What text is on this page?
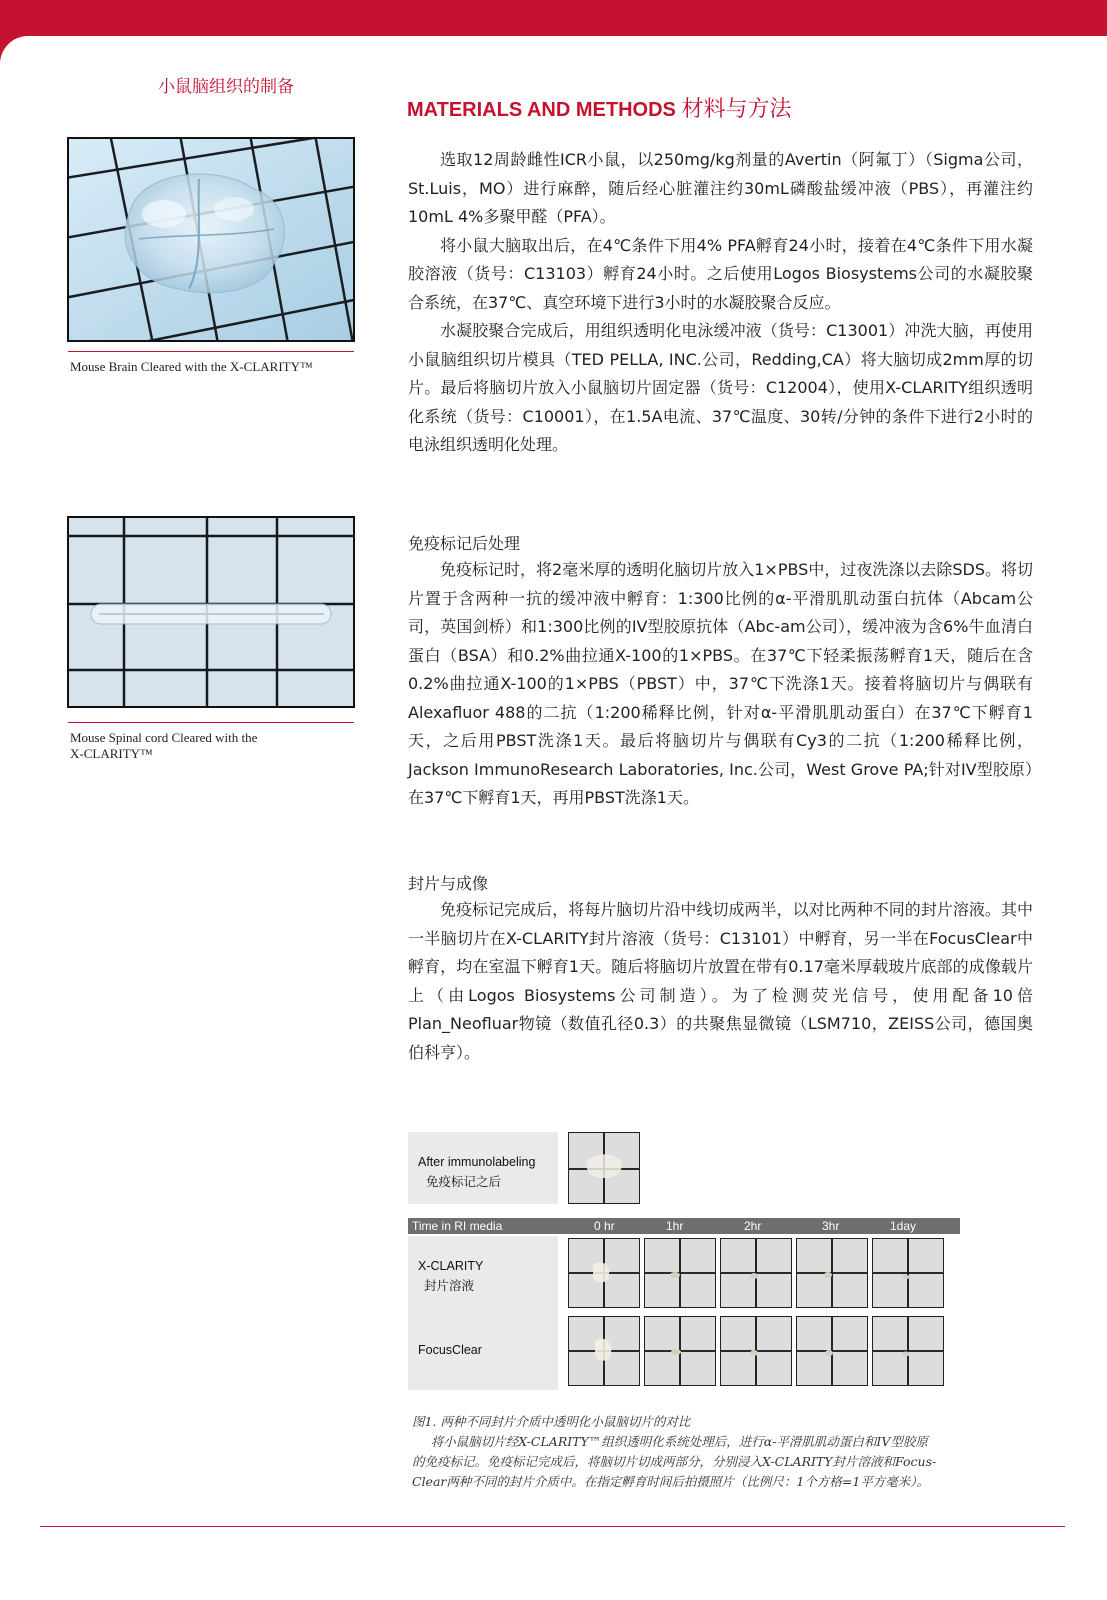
小鼠脑组织的制备
MATERIALS AND METHODS 材料与方法
Mouse Brain Cleared with the X-CLARITY™
Mouse Spinal cord Cleared with the
X-CLARITY™

选取12周龄雌性ICR小鼠，以250mg/kg剂量的Avertin（阿氟丁）（Sigma公司，St.Luis，MO）进行麻醉，随后经心脏灌注约30mL磷酸盐缓冲液（PBS），再灌注约10mL 4%多聚甲醛（PFA）。

将小鼠大脑取出后，在4℃条件下用4% PFA孵育24小时，接着在4℃条件下用水凝胶溶液（货号：C13103）孵育24小时。之后使用Logos Biosystems公司的水凝胶聚合系统，在37℃、真空环境下进行3小时的水凝胶聚合反应。

水凝胶聚合完成后，用组织透明化电泳缓冲液（货号：C13001）冲洗大脑，再使用小鼠脑组织切片模具（TED PELLA, INC.公司，Redding,CA）将大脑切成2mm厚的切片。最后将脑切片放入小鼠脑切片固定器（货号：C12004），使用X-CLARITY组织透明化系统（货号：C10001），在1.5A电流、37℃温度、30转/分钟的条件下进行2小时的电泳组织透明化处理。

免疫标记后处理

免疫标记时，将2毫米厚的透明化脑切片放入1×PBS中，过夜洗涤以去除SDS。将切片置于含两种一抗的缓冲液中孵育：1:300比例的α-平滑肌肌动蛋白抗体（Abcam公司，英国剑桥）和1:300比例的IV型胶原抗体（Abc-am公司），缓冲液为含6%牛血清白蛋白（BSA）和0.2%曲拉通X-100的1×PBS。在37℃下轻柔振荡孵育1天，随后在含0.2%曲拉通X-100的1×PBS（PBST）中，37℃下洗涤1天。接着将脑切片与偶联有Alexafluor 488的二抗（1:200稀释比例，针对α-平滑肌肌动蛋白）在37℃下孵育1天，之后用PBST洗涤1天。最后将脑切片与偶联有Cy3的二抗（1:200稀释比例，Jackson ImmunoResearch Laboratories, Inc.公司，West Grove PA;针对IV型胶原）在37℃下孵育1天，再用PBST洗涤1天。

封片与成像

免疫标记完成后，将每片脑切片沿中线切成两半，以对比两种不同的封片溶液。其中一半脑切片在X-CLARITY封片溶液（货号：C13101）中孵育，另一半在FocusClear中孵育，均在室温下孵育1天。随后将脑切片放置在带有0.17毫米厚载玻片底部的成像载片上（由Logos Biosystems公司制造）。为了检测荧光信号，使用配备10倍Plan_Neofluar物镜（数值孔径0.3）的共聚焦显微镜（LSM710，ZEISS公司，德国奥伯科亨）。

After immunolabeling
免疫标记之后
Time in RI media	0 hr	1hr	2hr	3hr	1day
X-CLARITY
封片溶液
FocusClear
图1. 两种不同封片介质中透明化小鼠脑切片的对比
将小鼠脑切片经X-CLARITY™组织透明化系统处理后，进行α-平滑肌肌动蛋白和IV型胶原
的免疫标记。免疫标记完成后，将脑切片切成两部分，分别浸入X-CLARITY封片溶液和Focus-
Clear两种不同的封片介质中。在指定孵育时间后拍摄照片（比例尺：1个方格=1平方毫米）。
